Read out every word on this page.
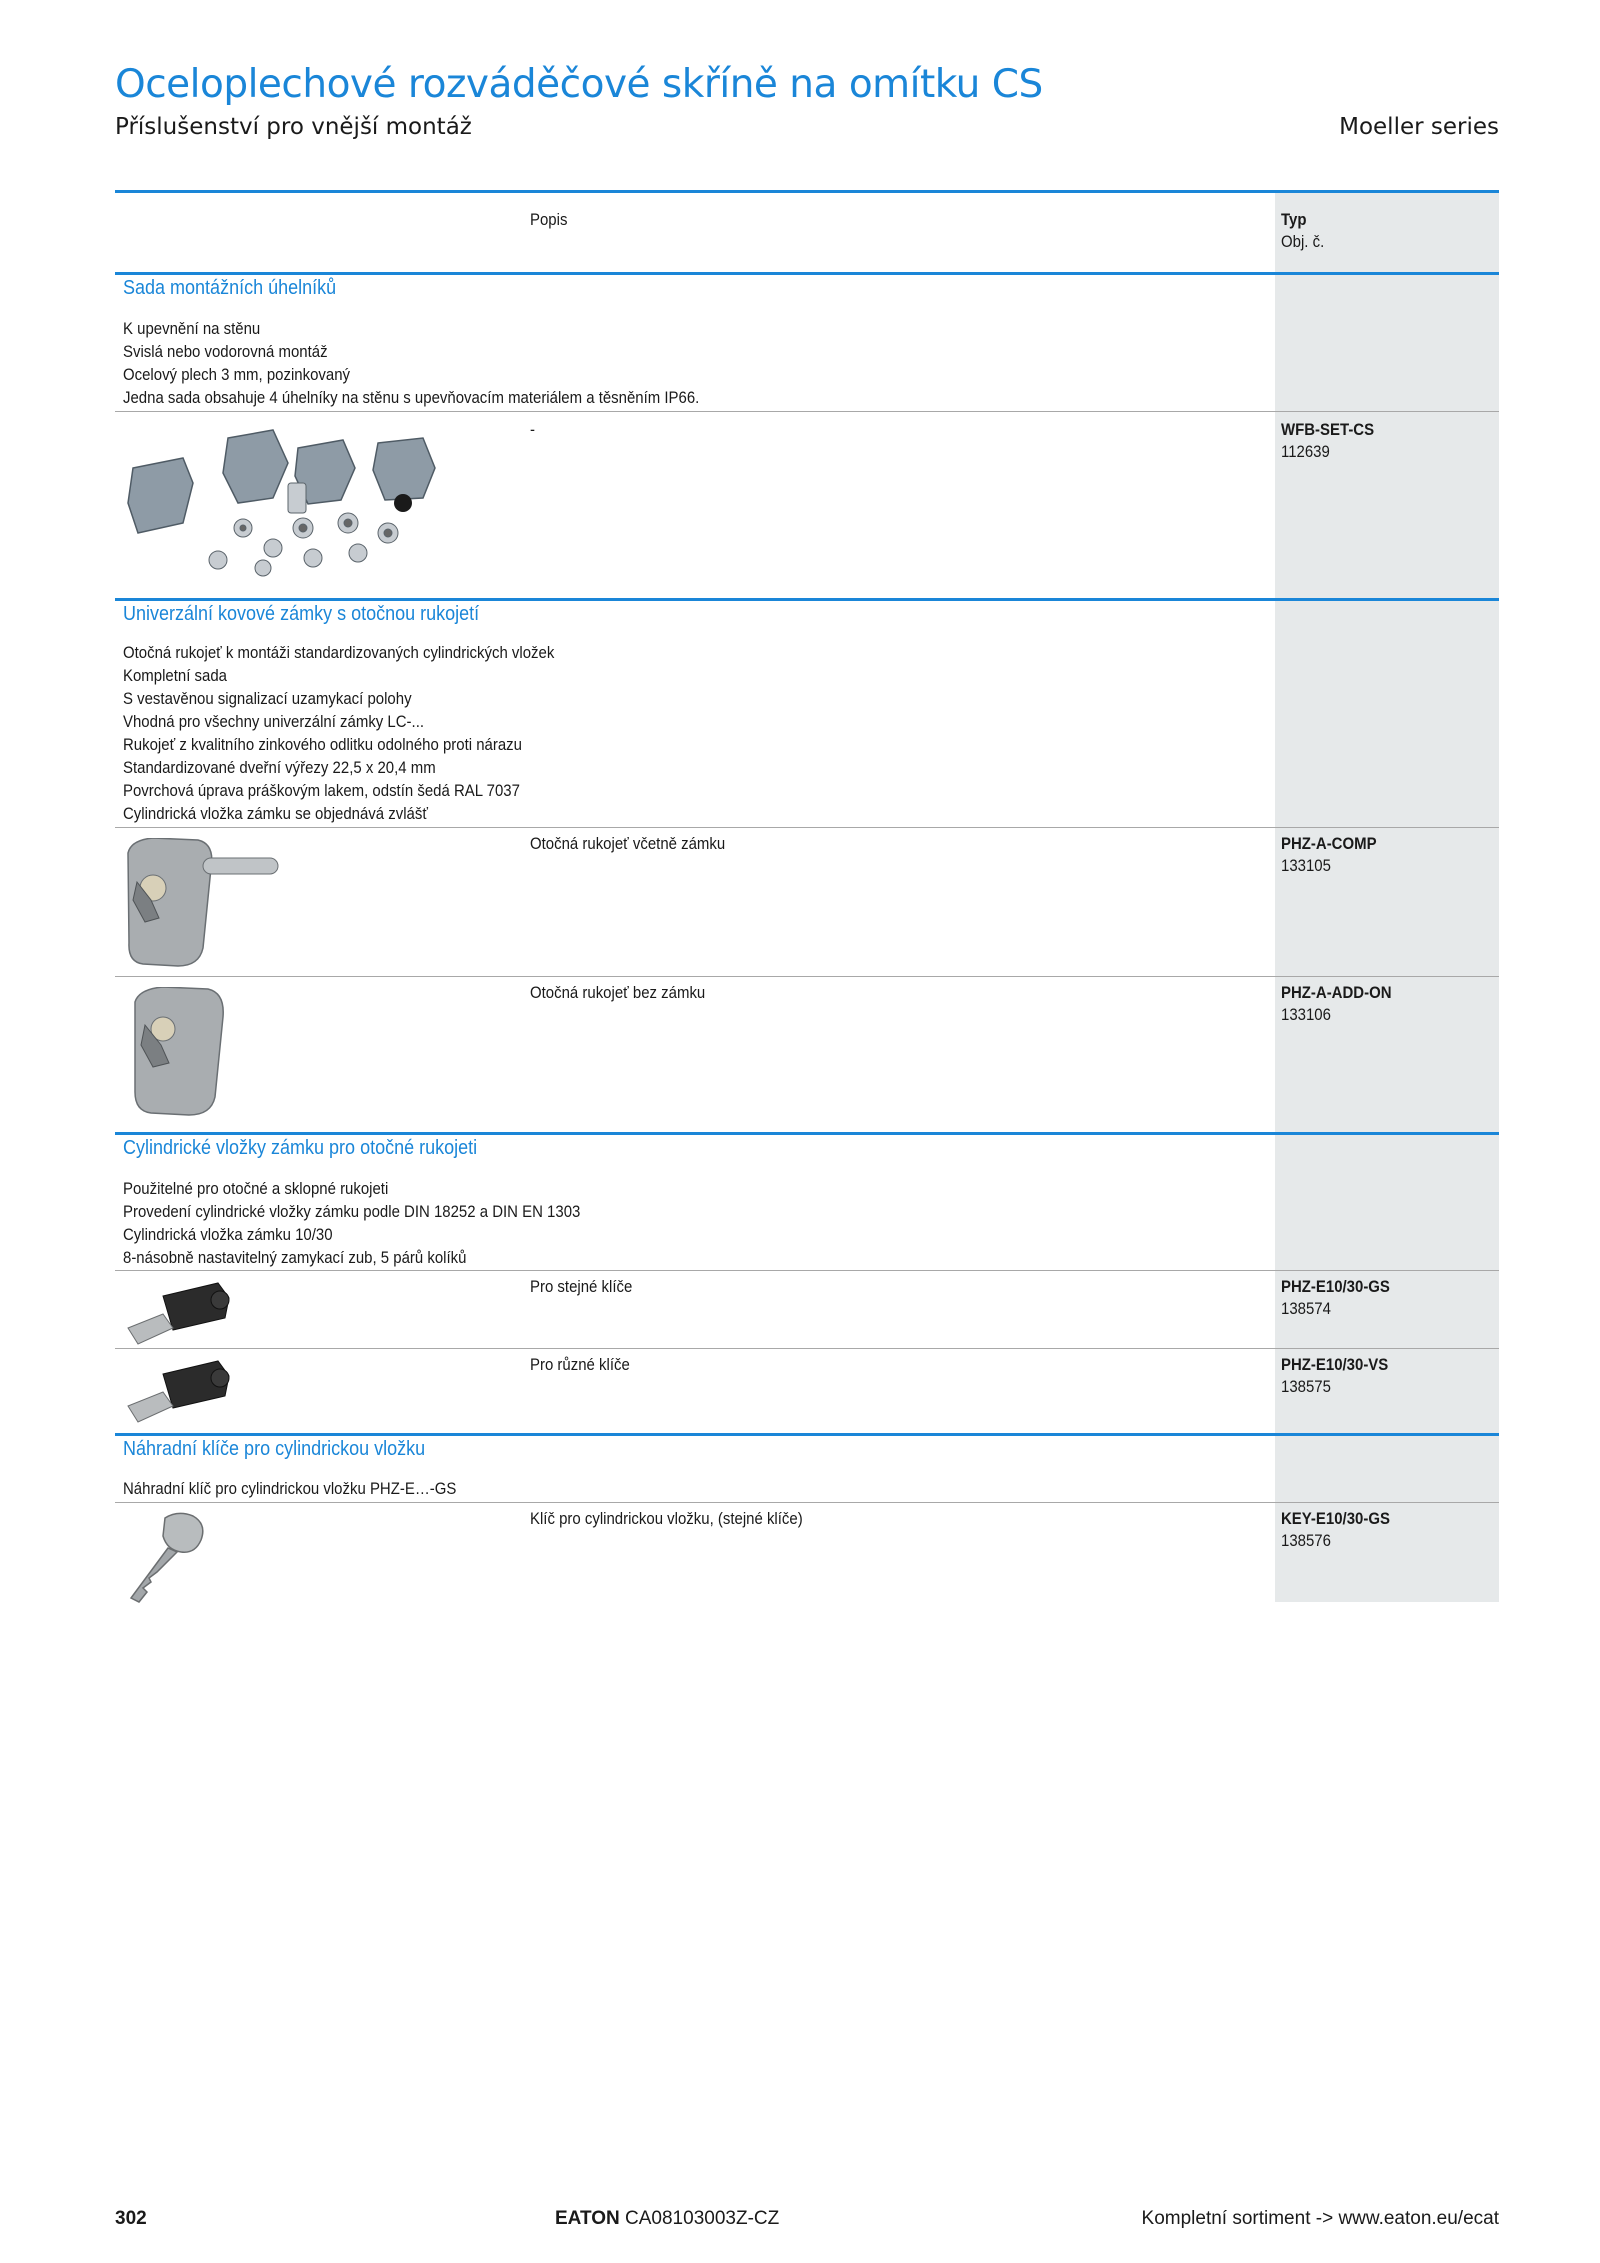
Oceloplechové rozváděčové skříně na omítku CS
Příslušenství pro vnější montáž	Moeller series
Popis	Typ
Obj. č.
Sada montážních úhelníků
K upevnění na stěnu
Svislá nebo vodorovná montáž
Ocelový plech 3 mm, pozinkovaný
Jedna sada obsahuje 4 úhelníky na stěnu s upevňovacím materiálem a těsněním IP66.
-	WFB-SET-CS
112639
Univerzální kovové zámky s otočnou rukojetí
Otočná rukojeť k montáži standardizovaných cylindrických vložek
Kompletní sada
S vestavěnou signalizací uzamykací polohy
Vhodná pro všechny univerzální zámky LC-...
Rukojeť z kvalitního zinkového odlitku odolného proti nárazu
Standardizované dveřní výřezy 22,5 x 20,4 mm
Povrchová úprava práškovým lakem, odstín šedá RAL 7037
Cylindrická vložka zámku se objednává zvlášť
Otočná rukojeť včetně zámku	PHZ-A-COMP
133105
Otočná rukojeť bez zámku	PHZ-A-ADD-ON
133106
Cylindrické vložky zámku pro otočné rukojeti
Použitelné pro otočné a sklopné rukojeti
Provedení cylindrické vložky zámku podle DIN 18252 a DIN EN 1303
Cylindrická vložka zámku 10/30
8-násobně nastavitelný zamykací zub, 5 párů kolíků
Pro stejné klíče	PHZ-E10/30-GS
138574
Pro různé klíče	PHZ-E10/30-VS
138575
Náhradní klíče pro cylindrickou vložku
Náhradní klíč pro cylindrickou vložku PHZ-E…-GS
Klíč pro cylindrickou vložku, (stejné klíče)	KEY-E10/30-GS
138576
302	EATON CA08103003Z-CZ	Kompletní sortiment -> www.eaton.eu/ecat
